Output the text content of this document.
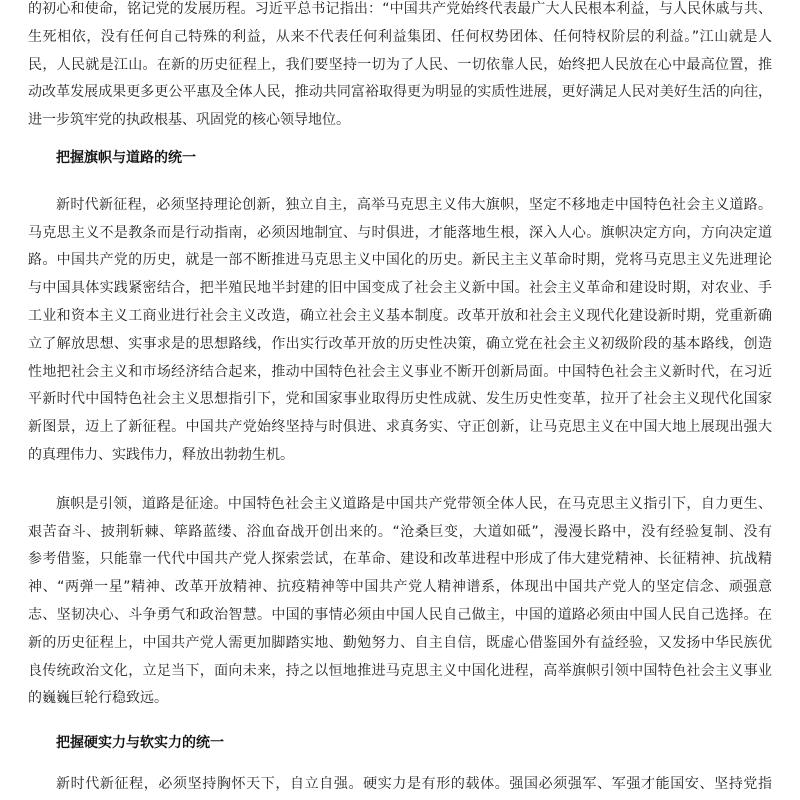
的初心和使命，铭记党的发展历程。习近平总书记指出：“中国共产党始终代表最广大人民根本利益，与人民休戚与共、
生死相依，没有任何自己特殊的利益，从来不代表任何利益集团、任何权势团体、任何特权阶层的利益。”江山就是人
民，人民就是江山。在新的历史征程上，我们要坚持一切为了人民、一切依靠人民，始终把人民放在心中最高位置，推
动改革发展成果更多更公平惠及全体人民，推动共同富裕取得更为明显的实质性进展，更好满足人民对美好生活的向往，
进一步筑牢党的执政根基、巩固党的核心领导地位。
把握旗帜与道路的统一
新时代新征程，必须坚持理论创新，独立自主，高举马克思主义伟大旗帜，坚定不移地走中国特色社会主义道路。
马克思主义不是教条而是行动指南，必须因地制宜、与时俱进，才能落地生根，深入人心。旗帜决定方向，方向决定道
路。中国共产党的历史，就是一部不断推进马克思主义中国化的历史。新民主主义革命时期，党将马克思主义先进理论
与中国具体实践紧密结合，把半殖民地半封建的旧中国变成了社会主义新中国。社会主义革命和建设时期，对农业、手
工业和资本主义工商业进行社会主义改造，确立社会主义基本制度。改革开放和社会主义现代化建设新时期，党重新确
立了解放思想、实事求是的思想路线，作出实行改革开放的历史性决策，确立党在社会主义初级阶段的基本路线，创造
性地把社会主义和市场经济结合起来，推动中国特色社会主义事业不断开创新局面。中国特色社会主义新时代，在习近
平新时代中国特色社会主义思想指引下，党和国家事业取得历史性成就、发生历史性变革，拉开了社会主义现代化国家
新图景，迈上了新征程。中国共产党始终坚持与时俱进、求真务实、守正创新，让马克思主义在中国大地上展现出强大
的真理伟力、实践伟力，释放出勃勃生机。
旗帜是引领，道路是征途。中国特色社会主义道路是中国共产党带领全体人民，在马克思主义指引下，自力更生、
艰苦奋斗、披荆斩棘、筚路蓝缕、浴血奋战开创出来的。“沧桑巨变，大道如砥”，漫漫长路中，没有经验复制、没有
参考借鉴，只能靠一代代中国共产党人探索尝试，在革命、建设和改革进程中形成了伟大建党精神、长征精神、抗战精
神、“两弹一星”精神、改革开放精神、抗疫精神等中国共产党人精神谱系，体现出中国共产党人的坚定信念、顽强意
志、坚韧决心、斗争勇气和政治智慧。中国的事情必须由中国人民自己做主，中国的道路必须由中国人民自己选择。在
新的历史征程上，中国共产党人需更加脚踏实地、勤勉努力、自主自信，既虚心借鉴国外有益经验，又发扬中华民族优
良传统政治文化，立足当下，面向未来，持之以恒地推进马克思主义中国化进程，高举旗帜引领中国特色社会主义事业
的巍巍巨轮行稳致远。
把握硬实力与软实力的统一
新时代新征程，必须坚持胸怀天下，自立自强。硬实力是有形的载体。强国必须强军、军强才能国安、坚持党指
